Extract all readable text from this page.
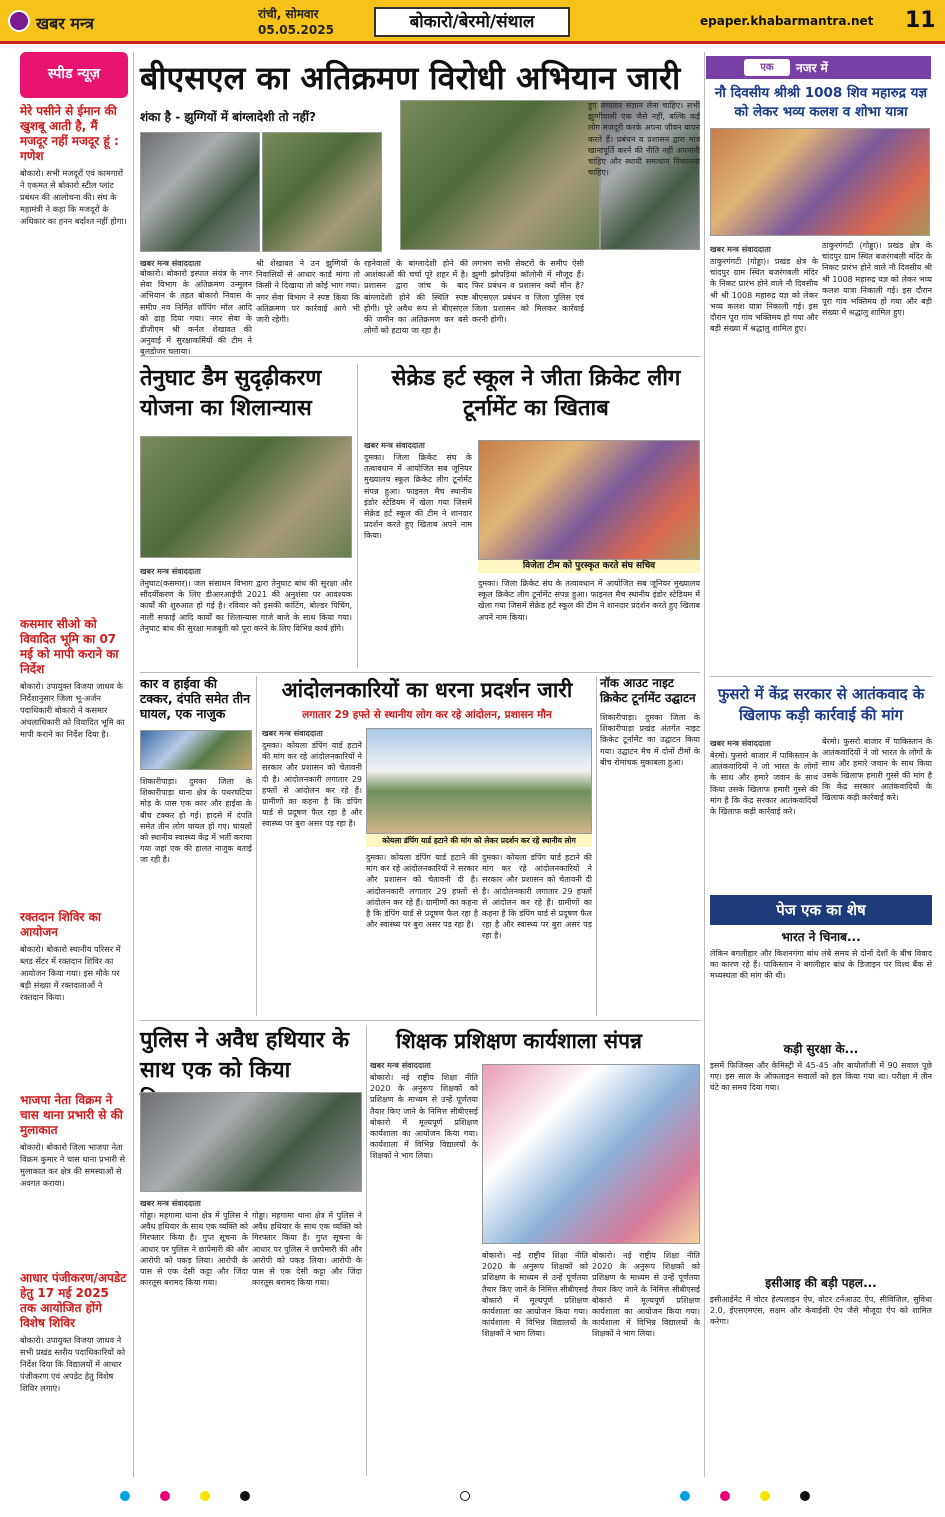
खबर मन्त्र	रांची, सोमवार
05.05.2025	बोकारो/बेरमो/संथाल	epaper.khabarmantra.net 11
स्पीड न्यूज़
मेरे पसीने से ईमान की खुशबू आती है, मैं मजदूर नहीं मजदूर हूं : गणेश
बोकारो। सभी मजदूरों एवं कामगारों ने एकमत से बोकारो स्टील प्लांट प्रबंधन की आलोचना की। संघ के महामंत्री ने कहा कि मजदूरों के अधिकार का हनन बर्दाश्त नहीं होगा।
कसमार सीओ को विवादित भूमि का 07 मई को मापी कराने का निर्देश
बोकारो। उपायुक्त विजया जाधव के निर्देशानुसार जिला भू-अर्जन पदाधिकारी बोकारो ने कसमार अंचलाधिकारी को विवादित भूमि का मापी कराने का निर्देश दिया है।
रक्तदान शिविर का आयोजन
बोकारो। बोकारो स्थानीय परिसर में ब्लड सेंटर में रक्तदान शिविर का आयोजन किया गया। इस मौके पर बड़ी संख्या में रक्तदाताओं ने रक्तदान किया।
भाजपा नेता विक्रम ने चास थाना प्रभारी से की मुलाकात
बोकारो। बोकारो जिला भाजपा नेता विक्रम कुमार ने चास थाना प्रभारी से मुलाकात कर क्षेत्र की समस्याओं से अवगत कराया।
आधार पंजीकरण/अपडेट हेतु 17 मई 2025 तक आयोजित होंगे विशेष शिविर
बोकारो। उपायुक्त विजया जाधव ने सभी प्रखंड स्तरीय पदाधिकारियों को निर्देश दिया कि विद्यालयों में आधार पंजीकरण एवं अपडेट हेतु विशेष शिविर लगाएं।
बीएसएल का अतिक्रमण विरोधी अभियान जारी
शंका है - झुग्गियों में बांग्लादेशी तो नहीं?
खबर मन्त्र संवाददाता
बोकारो। बोकारो इस्पात संयंत्र के नगर सेवा विभाग के अतिक्रमण उन्मूलन अभियान के तहत बोकारो निवास के समीप नव निर्मित शॉपिंग मॉल आदि को ढाह दिया गया। नगर सेवा के डीजीएम श्री कर्नल शेखावत की अनुवाई में सुरक्षाकर्मियों की टीम ने बुलडोजर चलाया।
श्री शेखावत ने उन झुग्गियों के निवासियों से आधार कार्ड मांगा तो किसी ने दिखाया तो कोई भाग गया। नगर सेवा विभाग ने स्पष्ट किया कि अतिक्रमण पर कार्रवाई आगे भी जारी रहेगी।
रहनेवालों के बांग्लादेशी होने की आशंकाओं की चर्चा पूरे शहर में है। प्रशासन द्वारा जांच के बाद बांग्लादेशी होने की स्थिति स्पष्ट होगी। पूरे अवैध रूप से बीएसएल की जमीन का अतिक्रमण कर बसे लोगों को हटाया जा रहा है।
लगभग सभी सेक्टरों के समीप ऐसी झुग्गी झोपड़ियां कॉलोनी में मौजूद हैं। फिर प्रबंधन व प्रशासन क्यों मौन है? बीएसएल प्रबंधन व जिला पुलिस एवं जिला प्रशासन को मिलकर कार्रवाई करनी होगी।
हुए लगातार संज्ञान लेना चाहिए। सभी झुग्गीवासी एक जैसे नहीं, बल्कि कई लोग मजदूरी करके अपना जीवन यापन करते हैं। प्रबंधन व प्रशासन द्वारा मात्र खानापूर्ति करने की नीति नहीं अपनानी चाहिए और स्थायी समाधान निकालना चाहिए।
तेनुघाट डैम सुदृढ़ीकरण योजना का शिलान्यास
खबर मन्त्र संवाददाता
तेनुघाट(कसमार)। जल संसाधन विभाग द्वारा तेनुघाट बांध की सुरक्षा और सौंदर्यीकरण के लिए डीआरआईपी 2021 की अनुशंसा पर आवश्यक कार्यों की शुरुआत हो गई है। रविवार को इसकी कांटिंग, बोल्डर पिचिंग, नाली सफाई आदि कार्यों का शिलान्यास गाजे बाजे के साथ किया गया। तेनुघाट बांध की सुरक्षा मजबूती को पूरा करने के लिए विभिन्न कार्य होंगे।
सेक्रेड हर्ट स्कूल ने जीता क्रिकेट लीग टूर्नामेंट का खिताब
खबर मन्त्र संवाददाता
दुमका। जिला क्रिकेट संघ के तत्वावधान में आयोजित सब जूनियर मुख्यालय स्कूल क्रिकेट लीग टूर्नामेंट संपन्न हुआ। फाइनल मैच स्थानीय इंडोर स्टेडियम में खेला गया जिसमें सेक्रेड हर्ट स्कूल की टीम ने शानदार प्रदर्शन करते हुए खिताब अपने नाम किया।
विजेता टीम को पुरस्कृत करते संघ सचिव
दुमका। जिला क्रिकेट संघ के तत्वावधान में आयोजित सब जूनियर मुख्यालय स्कूल क्रिकेट लीग टूर्नामेंट संपन्न हुआ। फाइनल मैच स्थानीय इंडोर स्टेडियम में खेला गया जिसमें सेक्रेड हर्ट स्कूल की टीम ने शानदार प्रदर्शन करते हुए खिताब अपने नाम किया।
कार व हाईवा की टक्कर, दंपति समेत तीन घायल, एक नाजुक
शिकारीपाड़ा। दुमका जिला के शिकारीपाड़ा थाना क्षेत्र के पथरघटिया मोड़ के पास एक कार और हाईवा के बीच टक्कर हो गई। हादसे में दंपति समेत तीन लोग घायल हो गए। घायलों को स्थानीय स्वास्थ्य केंद्र में भर्ती कराया गया जहां एक की हालत नाजुक बताई जा रही है।
आंदोलनकारियों का धरना प्रदर्शन जारी
लगातार 29 हफ्ते से स्थानीय लोग कर रहे आंदोलन, प्रशासन मौन
खबर मन्त्र संवाददाता
दुमका। कोयला डंपिंग यार्ड हटाने की मांग कर रहे आंदोलनकारियों ने सरकार और प्रशासन को चेतावनी दी है। आंदोलनकारी लगातार 29 हफ्तों से आंदोलन कर रहे हैं। ग्रामीणों का कहना है कि डंपिंग यार्ड से प्रदूषण फैल रहा है और स्वास्थ्य पर बुरा असर पड़ रहा है।
कोयला डंपिंग यार्ड हटाने की मांग को लेकर प्रदर्शन कर रहे स्थानीय लोग
दुमका। कोयला डंपिंग यार्ड हटाने की मांग कर रहे आंदोलनकारियों ने सरकार और प्रशासन को चेतावनी दी है। आंदोलनकारी लगातार 29 हफ्तों से आंदोलन कर रहे हैं। ग्रामीणों का कहना है कि डंपिंग यार्ड से प्रदूषण फैल रहा है और स्वास्थ्य पर बुरा असर पड़ रहा है।
दुमका। कोयला डंपिंग यार्ड हटाने की मांग कर रहे आंदोलनकारियों ने सरकार और प्रशासन को चेतावनी दी है। आंदोलनकारी लगातार 29 हफ्तों से आंदोलन कर रहे हैं। ग्रामीणों का कहना है कि डंपिंग यार्ड से प्रदूषण फैल रहा है और स्वास्थ्य पर बुरा असर पड़ रहा है।
नॉक आउट नाइट क्रिकेट टूर्नामेंट उद्घाटन
शिकारीपाड़ा। दुमका जिला के शिकारीपाड़ा प्रखंड अंतर्गत नाइट क्रिकेट टूर्नामेंट का उद्घाटन किया गया। उद्घाटन मैच में दोनों टीमों के बीच रोमांचक मुकाबला हुआ।
पुलिस ने अवैध हथियार के साथ एक को किया
खबर मन्त्र संवाददाता
गोड्डा। महगामा थाना क्षेत्र में पुलिस ने अवैध हथियार के साथ एक व्यक्ति को गिरफ्तार किया है। गुप्त सूचना के आधार पर पुलिस ने छापेमारी की और आरोपी को पकड़ लिया। आरोपी के पास से एक देसी कट्टा और जिंदा कारतूस बरामद किया गया।
गोड्डा। महगामा थाना क्षेत्र में पुलिस ने अवैध हथियार के साथ एक व्यक्ति को गिरफ्तार किया है। गुप्त सूचना के आधार पर पुलिस ने छापेमारी की और आरोपी को पकड़ लिया। आरोपी के पास से एक देसी कट्टा और जिंदा कारतूस बरामद किया गया।
शिक्षक प्रशिक्षण कार्यशाला संपन्न
खबर मन्त्र संवाददाता
बोकारो। नई राष्ट्रीय शिक्षा नीति 2020 के अनुरूप शिक्षकों को प्रशिक्षण के माध्यम से उन्हें पूर्णतया तैयार किए जाने के निमित्त सीबीएसई बोकारो में मूल्यपूर्ण प्रशिक्षण कार्यशाला का आयोजन किया गया। कार्यशाला में विभिन्न विद्यालयों के शिक्षकों ने भाग लिया।
बोकारो। नई राष्ट्रीय शिक्षा नीति 2020 के अनुरूप शिक्षकों को प्रशिक्षण के माध्यम से उन्हें पूर्णतया तैयार किए जाने के निमित्त सीबीएसई बोकारो में मूल्यपूर्ण प्रशिक्षण कार्यशाला का आयोजन किया गया। कार्यशाला में विभिन्न विद्यालयों के शिक्षकों ने भाग लिया।
बोकारो। नई राष्ट्रीय शिक्षा नीति 2020 के अनुरूप शिक्षकों को प्रशिक्षण के माध्यम से उन्हें पूर्णतया तैयार किए जाने के निमित्त सीबीएसई बोकारो में मूल्यपूर्ण प्रशिक्षण कार्यशाला का आयोजन किया गया। कार्यशाला में विभिन्न विद्यालयों के शिक्षकों ने भाग लिया।
एक	नजर में
नौ दिवसीय श्रीश्री 1008 शिव महारुद्र यज्ञ को लेकर भव्य कलश व शोभा यात्रा
खबर मन्त्र संवाददाता
ठाकुरगंगटी (गोड्डा)। प्रखंड क्षेत्र के चांदपुर ग्राम स्थित बजरंगबली मंदिर के निकट प्रारंभ होने वाले नौ दिवसीय श्री श्री 1008 महारुद्र यज्ञ को लेकर भव्य कलश यात्रा निकाली गई। इस दौरान पूरा गांव भक्तिमय हो गया और बड़ी संख्या में श्रद्धालु शामिल हुए।
ठाकुरगंगटी (गोड्डा)। प्रखंड क्षेत्र के चांदपुर ग्राम स्थित बजरंगबली मंदिर के निकट प्रारंभ होने वाले नौ दिवसीय श्री श्री 1008 महारुद्र यज्ञ को लेकर भव्य कलश यात्रा निकाली गई। इस दौरान पूरा गांव भक्तिमय हो गया और बड़ी संख्या में श्रद्धालु शामिल हुए।
फुसरो में केंद्र सरकार से आतंकवाद के खिलाफ कड़ी कार्रवाई की मांग
खबर मन्त्र संवाददाता
बेरमो। फुसरो बाजार में पाकिस्तान के आतंकवादियों ने जो भारत के लोगों के साथ और हमारे जवान के साथ किया उसके खिलाफ हमारी गुस्से की मांग है कि केंद्र सरकार आतंकवादियों के खिलाफ कड़ी कार्रवाई करे।
बेरमो। फुसरो बाजार में पाकिस्तान के आतंकवादियों ने जो भारत के लोगों के साथ और हमारे जवान के साथ किया उसके खिलाफ हमारी गुस्से की मांग है कि केंद्र सरकार आतंकवादियों के खिलाफ कड़ी कार्रवाई करे।
पेज एक का शेष
भारत ने चिनाब...
लेकिन बगलीहार और किशनगंगा बांध लंबे समय से दोनों देशों के बीच विवाद का कारण रहे हैं। पाकिस्तान ने बगलीहार बांध के डिजाइन पर विश्व बैंक से मध्यस्थता की मांग की थी।
कड़ी सुरक्षा के...
इसमें फिजिक्स और केमिस्ट्री में 45-45 और बायोलॉजी में 90 सवाल पूछे गए। इस साल के ऑफलाइन सवालों को हल किया गया था। परीक्षा में तीन घंटे का समय दिया गया।
इसीआइ की बड़ी पहल...
इसीआईनेट में वोटर हेल्पलाइन ऐप, वोटर टर्नआउट ऐप, सीविजिल, सुविधा 2.0, ईएसएमएस, सक्षम और केवाईसी ऐप जैसे मौजूदा ऐप को शामिल करेगा।
